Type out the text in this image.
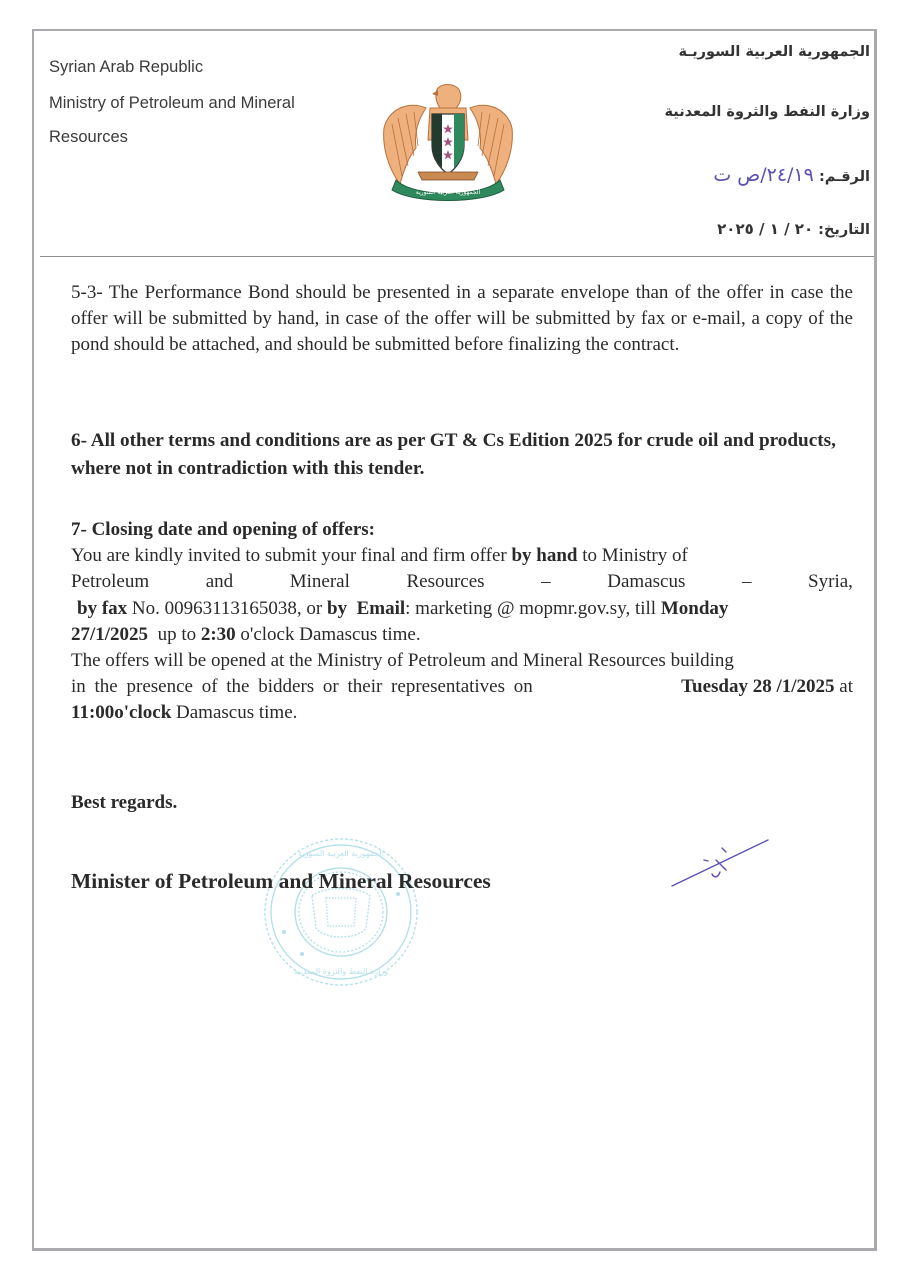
Syrian Arab Republic
Ministry of Petroleum and Mineral
Resources
الجمهورية العربية السورية
الجمهورية العربية السوريـة
وزارة النفط والثروة المعدنية
الرقـم: ٢٤/١٩/ص ت
التاريخ: ٢٠ / ١ / ٢٠٢٥
5-3- The Performance Bond should be presented in a separate envelope than of the offer in case the offer will be submitted by hand, in case of the offer will be submitted by fax or e-mail, a copy of the pond should be attached, and should be submitted before finalizing the contract.
6- All other terms and conditions are as per GT & Cs Edition 2025 for crude oil and products, where not in contradiction with this tender.
7- Closing date and opening of offers:
You are kindly invited to submit your final and firm offer by hand to Ministry of
Petroleum	and	Mineral	Resources	–	Damascus	–	Syria,
by fax No. 00963113165038, or by  Email: marketing @ mopmr.gov.sy, till Monday
27/1/2025  up to 2:30 o'clock Damascus time.
The offers will be opened at the Ministry of Petroleum and Mineral Resources building
in the presence of the bidders or their representatives on	Tuesday 28 /1/2025 at
11:00o'clock Damascus time.
Best regards.
الجمهورية العربية السورية
وزارة النفط والثروة المعدنية
Minister of Petroleum and Mineral Resources
